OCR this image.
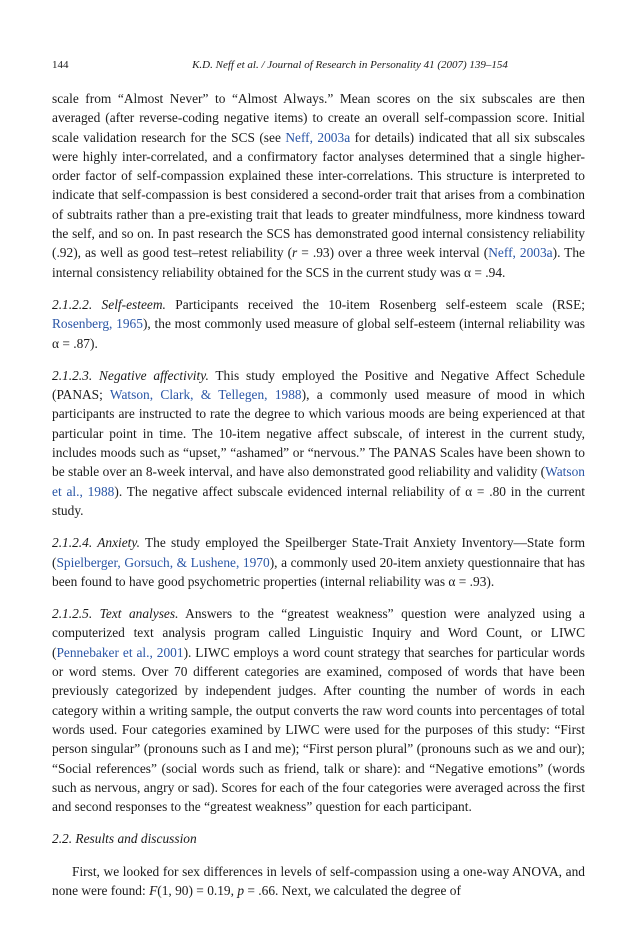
144	K.D. Neff et al. / Journal of Research in Personality 41 (2007) 139–154

scale from “Almost Never” to “Almost Always.” Mean scores on the six subscales are then averaged (after reverse-coding negative items) to create an overall self-compassion score. Initial scale validation research for the SCS (see Neff, 2003a for details) indicated that all six subscales were highly inter-correlated, and a confirmatory factor analyses determined that a single higher-order factor of self-compassion explained these inter-correlations. This structure is interpreted to indicate that self-compassion is best considered a second-order trait that arises from a combination of subtraits rather than a pre-existing trait that leads to greater mindfulness, more kindness toward the self, and so on. In past research the SCS has demonstrated good internal consistency reliability (.92), as well as good test–retest reliability (r = .93) over a three week interval (Neff, 2003a). The internal consistency reliability obtained for the SCS in the current study was α = .94.

2.1.2.2. Self-esteem. Participants received the 10-item Rosenberg self-esteem scale (RSE; Rosenberg, 1965), the most commonly used measure of global self-esteem (internal reliability was α = .87).

2.1.2.3. Negative affectivity. This study employed the Positive and Negative Affect Schedule (PANAS; Watson, Clark, & Tellegen, 1988), a commonly used measure of mood in which participants are instructed to rate the degree to which various moods are being experienced at that particular point in time. The 10-item negative affect subscale, of interest in the current study, includes moods such as “upset,” “ashamed” or “nervous.” The PANAS Scales have been shown to be stable over an 8-week interval, and have also demonstrated good reliability and validity (Watson et al., 1988). The negative affect subscale evidenced internal reliability of α = .80 in the current study.

2.1.2.4. Anxiety. The study employed the Speilberger State-Trait Anxiety Inventory—State form (Spielberger, Gorsuch, & Lushene, 1970), a commonly used 20-item anxiety questionnaire that has been found to have good psychometric properties (internal reliability was α = .93).

2.1.2.5. Text analyses. Answers to the “greatest weakness” question were analyzed using a computerized text analysis program called Linguistic Inquiry and Word Count, or LIWC (Pennebaker et al., 2001). LIWC employs a word count strategy that searches for particular words or word stems. Over 70 different categories are examined, composed of words that have been previously categorized by independent judges. After counting the number of words in each category within a writing sample, the output converts the raw word counts into percentages of total words used. Four categories examined by LIWC were used for the purposes of this study: “First person singular” (pronouns such as I and me); “First person plural” (pronouns such as we and our); “Social references” (social words such as friend, talk or share): and “Negative emotions” (words such as nervous, angry or sad). Scores for each of the four categories were averaged across the first and second responses to the “greatest weakness” question for each participant.

2.2. Results and discussion

First, we looked for sex differences in levels of self-compassion using a one-way ANOVA, and none were found: F(1, 90) = 0.19, p = .66. Next, we calculated the degree of
